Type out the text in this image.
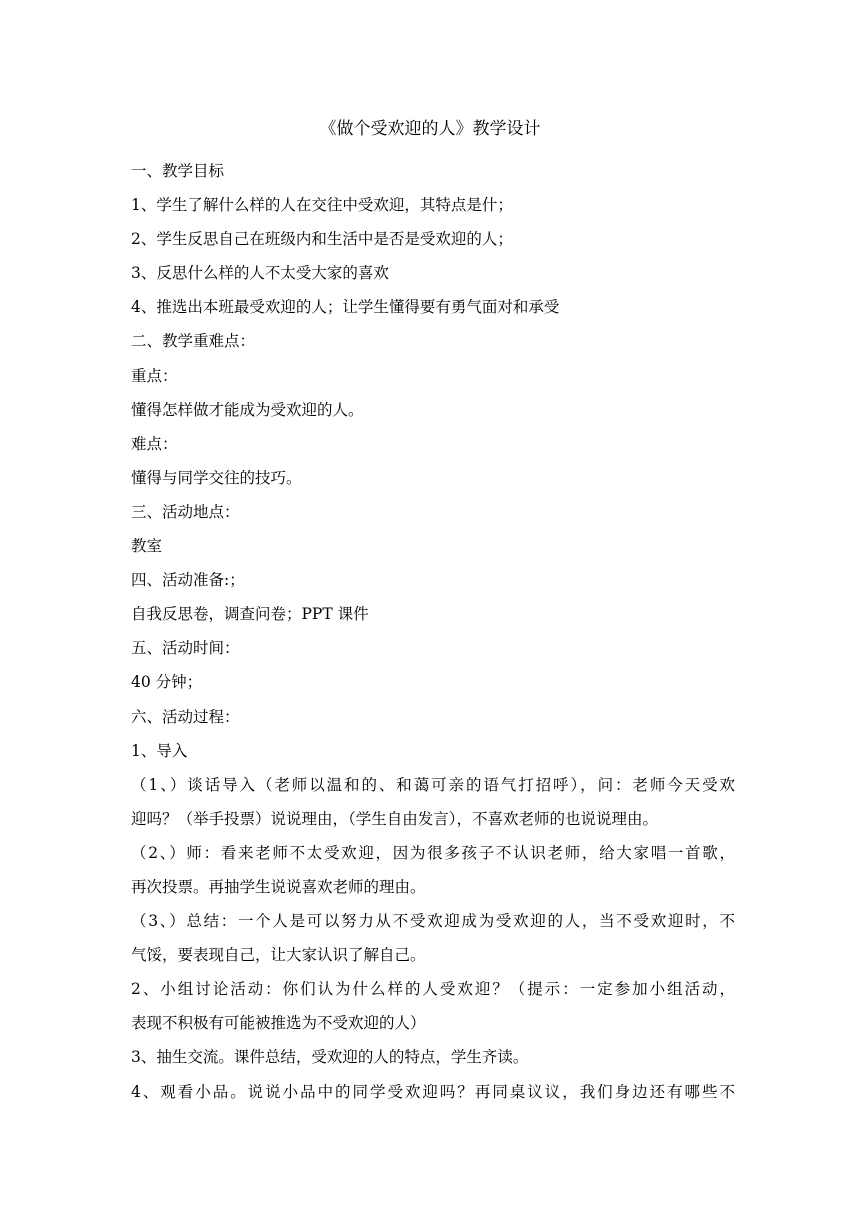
《做个受欢迎的人》教学设计
一、教学目标
1、学生了解什么样的人在交往中受欢迎，其特点是什；
2、学生反思自己在班级内和生活中是否是受欢迎的人；
3、反思什么样的人不太受大家的喜欢
4、推选出本班最受欢迎的人；让学生懂得要有勇气面对和承受
二、教学重难点：
重点：
懂得怎样做才能成为受欢迎的人。
难点：
懂得与同学交往的技巧。
三、活动地点：
教室
四、活动准备:；
自我反思卷，调查问卷；PPT 课件
五、活动时间：
40 分钟；
六、活动过程：
1、导入
（1、）谈话导入（老师以温和的、和蔼可亲的语气打招呼），问：老师今天受欢
迎吗？（举手投票）说说理由，（学生自由发言），不喜欢老师的也说说理由。
（2、）师：看来老师不太受欢迎，因为很多孩子不认识老师，给大家唱一首歌，
再次投票。再抽学生说说喜欢老师的理由。
（3、）总结：一个人是可以努力从不受欢迎成为受欢迎的人，当不受欢迎时，不
气馁，要表现自己，让大家认识了解自己。
2、小组讨论活动：你们认为什么样的人受欢迎？（提示：一定参加小组活动，
表现不积极有可能被推选为不受欢迎的人）
3、抽生交流。课件总结，受欢迎的人的特点，学生齐读。
4、观看小品。说说小品中的同学受欢迎吗？再同桌议议，我们身边还有哪些不
